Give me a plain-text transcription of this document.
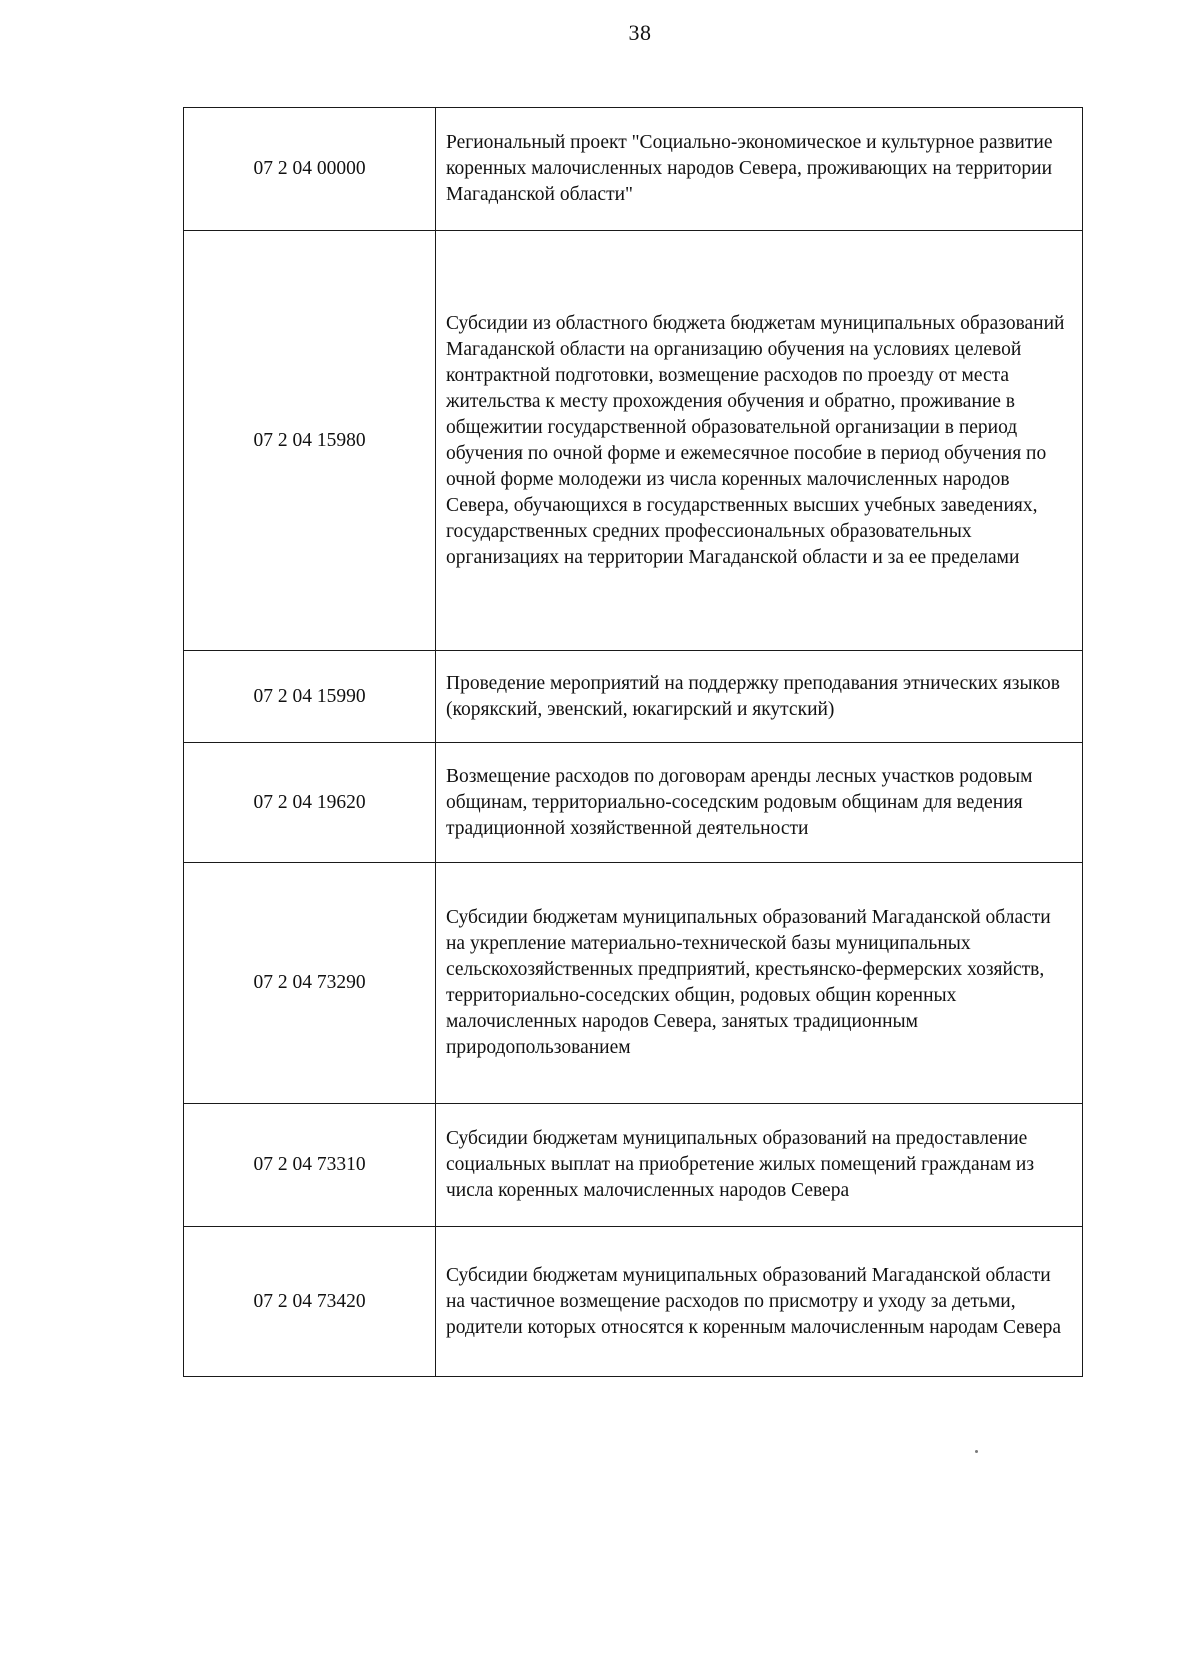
38
07 2 04 00000	Региональный проект "Социально-экономическое и культурное развитие коренных малочисленных народов Севера, проживающих на территории Магаданской области"

07 2 04 15980	Субсидии из областного бюджета бюджетам муниципальных образований Магаданской области на организацию обучения на условиях целевой контрактной подготовки, возмещение расходов по проезду от места жительства к месту прохождения обучения и обратно, проживание в общежитии государственной образовательной организации в период обучения по очной форме и ежемесячное пособие в период обучения по очной форме молодежи из числа коренных малочисленных народов Севера, обучающихся в государственных высших учебных заведениях, государственных средних профессиональных образовательных организациях на территории Магаданской области и за ее пределами

07 2 04 15990	Проведение мероприятий на поддержку преподавания этнических языков (корякский, эвенский, юкагирский и якутский)

07 2 04 19620	Возмещение расходов по договорам аренды лесных участков родовым общинам, территориально-соседским родовым общинам для ведения традиционной хозяйственной деятельности

07 2 04 73290	Субсидии бюджетам муниципальных образований Магаданской области на укрепление материально-технической базы муниципальных сельскохозяйственных предприятий, крестьянско-фермерских хозяйств, территориально-соседских общин, родовых общин коренных малочисленных народов Севера, занятых традиционным природопользованием

07 2 04 73310	Субсидии бюджетам муниципальных образований на предоставление социальных выплат на приобретение жилых помещений гражданам из числа коренных малочисленных народов Севера

07 2 04 73420	Субсидии бюджетам муниципальных образований Магаданской области на частичное возмещение расходов по присмотру и уходу за детьми, родители которых относятся к коренным малочисленным народам Севера
